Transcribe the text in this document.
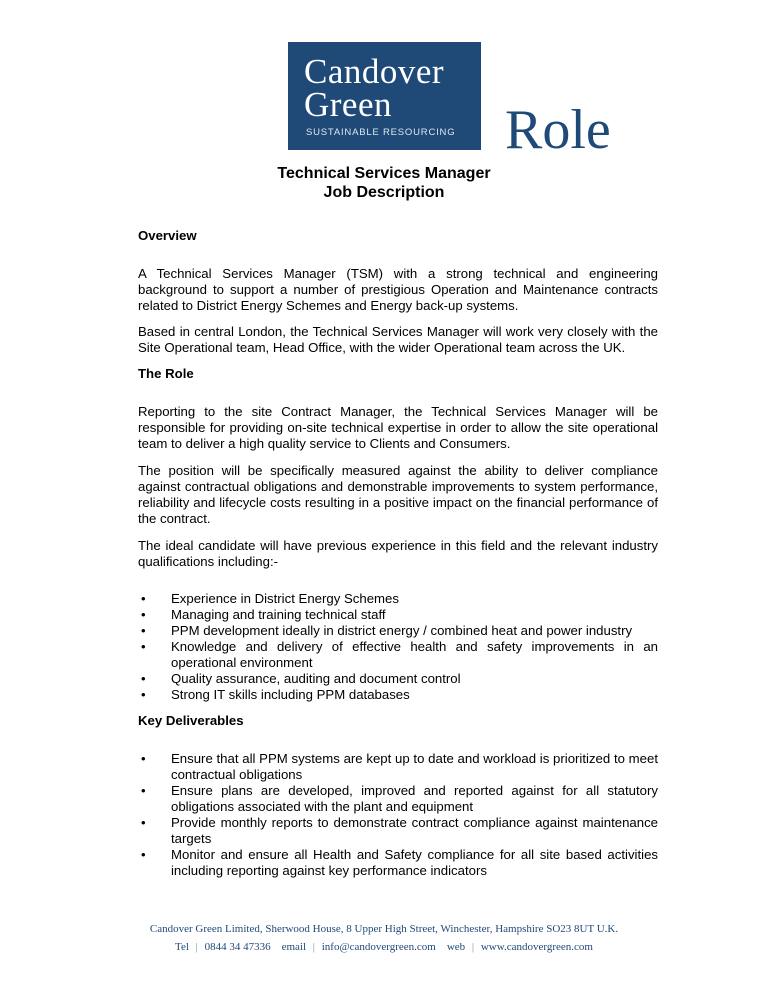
Candover
Green
SUSTAINABLE RESOURCING Role
Technical Services Manager
Job Description
Overview

A Technical Services Manager (TSM) with a strong technical and engineering background to support a number of prestigious Operation and Maintenance contracts related to District Energy Schemes and Energy back-up systems.

Based in central London, the Technical Services Manager will work very closely with the Site Operational team, Head Office, with the wider Operational team across the UK.

The Role

Reporting to the site Contract Manager, the Technical Services Manager will be responsible for providing on-site technical expertise in order to allow the site operational team to deliver a high quality service to Clients and Consumers.

The position will be specifically measured against the ability to deliver compliance against contractual obligations and demonstrable improvements to system performance, reliability and lifecycle costs resulting in a positive impact on the financial performance of the contract.

The ideal candidate will have previous experience in this field and the relevant industry qualifications including:-

• Experience in District Energy Schemes
• Managing and training technical staff
• PPM development ideally in district energy / combined heat and power industry
• Knowledge and delivery of effective health and safety improvements in an operational environment
• Quality assurance, auditing and document control
• Strong IT skills including PPM databases
Key Deliverables
• Ensure that all PPM systems are kept up to date and workload is prioritized to meet contractual obligations
• Ensure plans are developed, improved and reported against for all statutory obligations associated with the plant and equipment
• Provide monthly reports to demonstrate contract compliance against maintenance targets
• Monitor and ensure all Health and Safety compliance for all site based activities including reporting against key performance indicators
Candover Green Limited, Sherwood House, 8 Upper High Street, Winchester, Hampshire SO23 8UT U.K.
Tel | 0844 34 47336 email | info@candovergreen.com web | www.candovergreen.com
